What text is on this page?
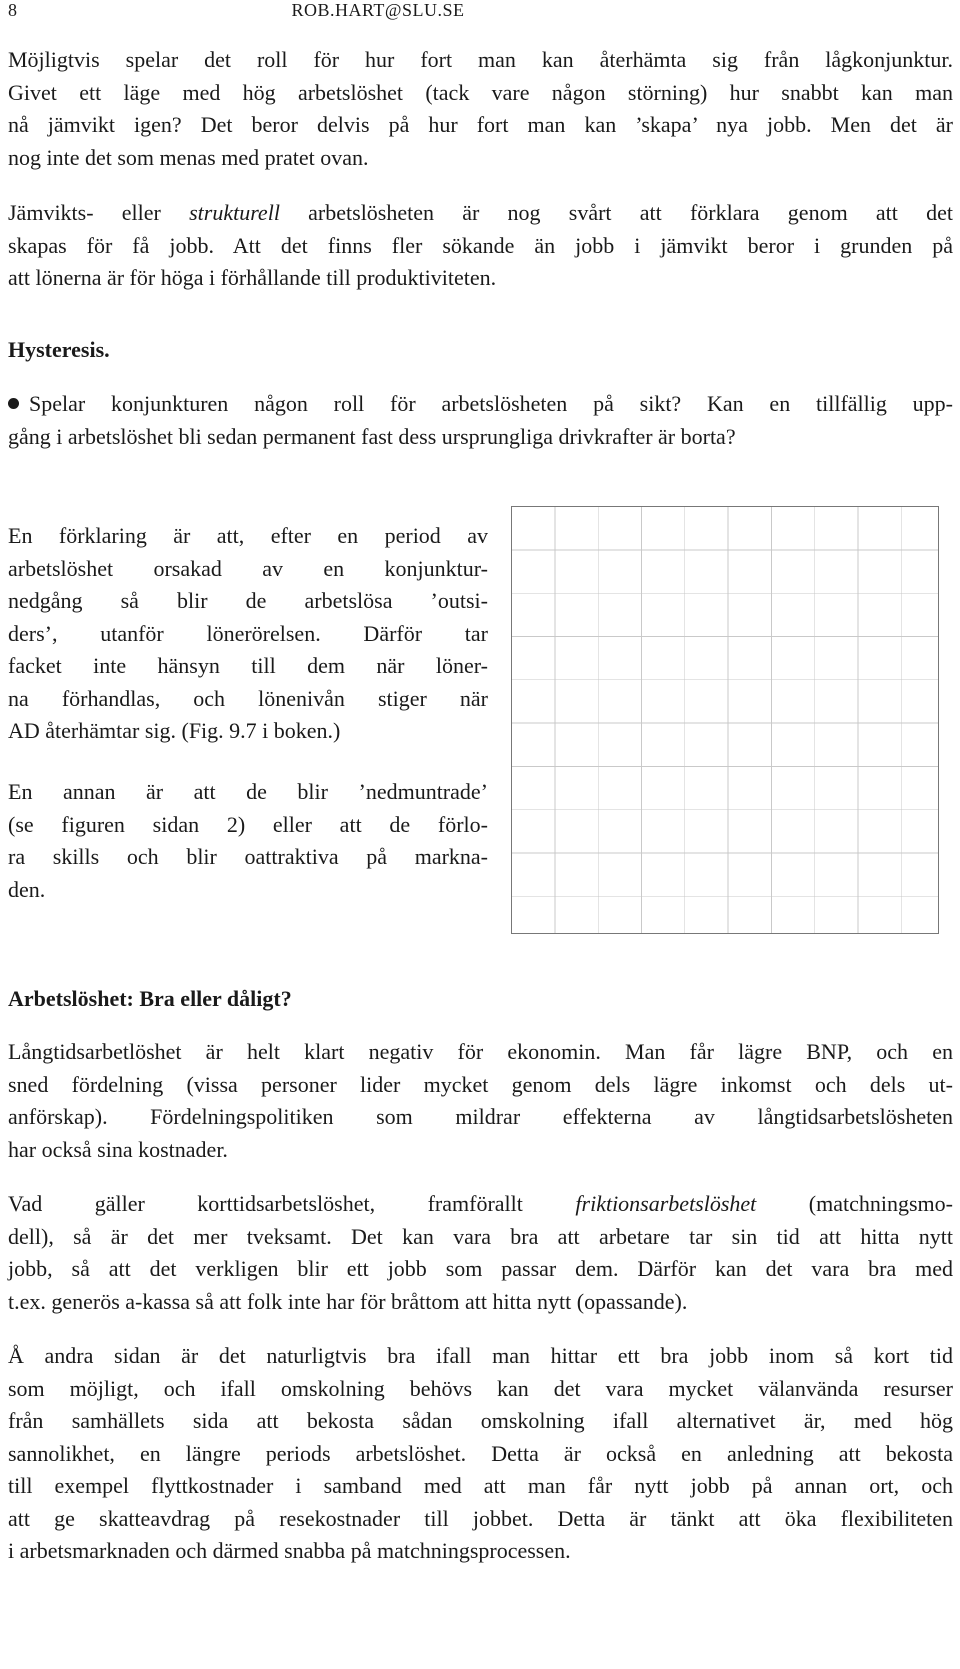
8	ROB.HART@SLU.SE
Möjligtvis spelar det roll för hur fort man kan återhämta sig från lågkonjunktur.
Givet ett läge med hög arbetslöshet (tack vare någon störning) hur snabbt kan man
nå jämvikt igen? Det beror delvis på hur fort man kan ’skapa’ nya jobb. Men det är
nog inte det som menas med pratet ovan.
Jämvikts- eller strukturell arbetslösheten är nog svårt att förklara genom att det
skapas för få jobb. Att det finns fler sökande än jobb i jämvikt beror i grunden på
att lönerna är för höga i förhållande till produktiviteten.
Hysteresis.
Spelar konjunkturen någon roll för arbetslösheten på sikt? Kan en tillfällig upp-
gång i arbetslöshet bli sedan permanent fast dess ursprungliga drivkrafter är borta?
En förklaring är att, efter en period av
arbetslöshet orsakad av en konjunktur-
nedgång så blir de arbetslösa ’outsi-
ders’, utanför lönerörelsen. Därför tar
facket inte hänsyn till dem när löner-
na förhandlas, och lönenivån stiger när
AD återhämtar sig. (Fig. 9.7 i boken.)
En annan är att de blir ’nedmuntrade’
(se figuren sidan 2) eller att de förlo-
ra skills och blir oattraktiva på markna-
den.
Arbetslöshet: Bra eller dåligt?
Långtidsarbetlöshet är helt klart negativ för ekonomin. Man får lägre BNP, och en
sned fördelning (vissa personer lider mycket genom dels lägre inkomst och dels ut-
anförskap). Fördelningspolitiken som mildrar effekterna av långtidsarbetslösheten
har också sina kostnader.
Vad gäller korttidsarbetslöshet, framförallt friktionsarbetslöshet (matchningsmo-
dell), så är det mer tveksamt. Det kan vara bra att arbetare tar sin tid att hitta nytt
jobb, så att det verkligen blir ett jobb som passar dem. Därför kan det vara bra med
t.ex. generös a-kassa så att folk inte har för bråttom att hitta nytt (opassande).
Å andra sidan är det naturligtvis bra ifall man hittar ett bra jobb inom så kort tid
som möjligt, och ifall omskolning behövs kan det vara mycket välanvända resurser
från samhällets sida att bekosta sådan omskolning ifall alternativet är, med hög
sannolikhet, en längre periods arbetslöshet. Detta är också en anledning att bekosta
till exempel flyttkostnader i samband med att man får nytt jobb på annan ort, och
att ge skatteavdrag på resekostnader till jobbet. Detta är tänkt att öka flexibiliteten
i arbetsmarknaden och därmed snabba på matchningsprocessen.
